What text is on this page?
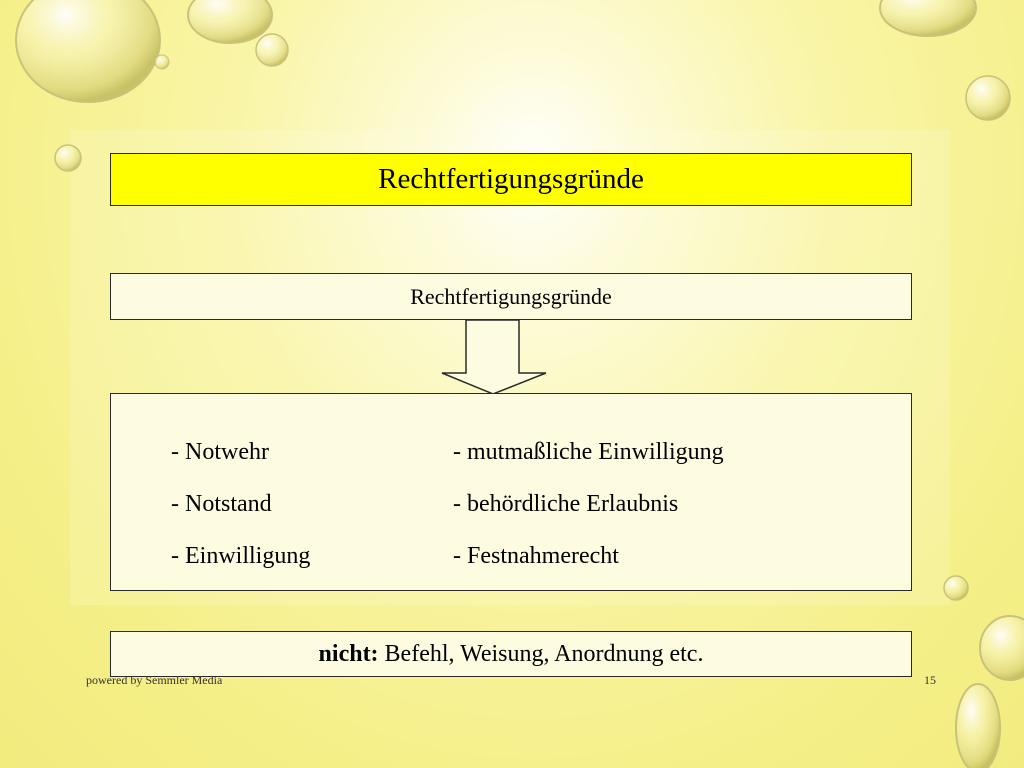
Rechtfertigungsgründe
Rechtfertigungsgründe
- Notwehr
- Notstand
- Einwilligung
- mutmaßliche Einwilligung
- behördliche Erlaubnis
- Festnahmerecht
nicht: Befehl, Weisung, Anordnung etc.
powered by Semmler Media	15
